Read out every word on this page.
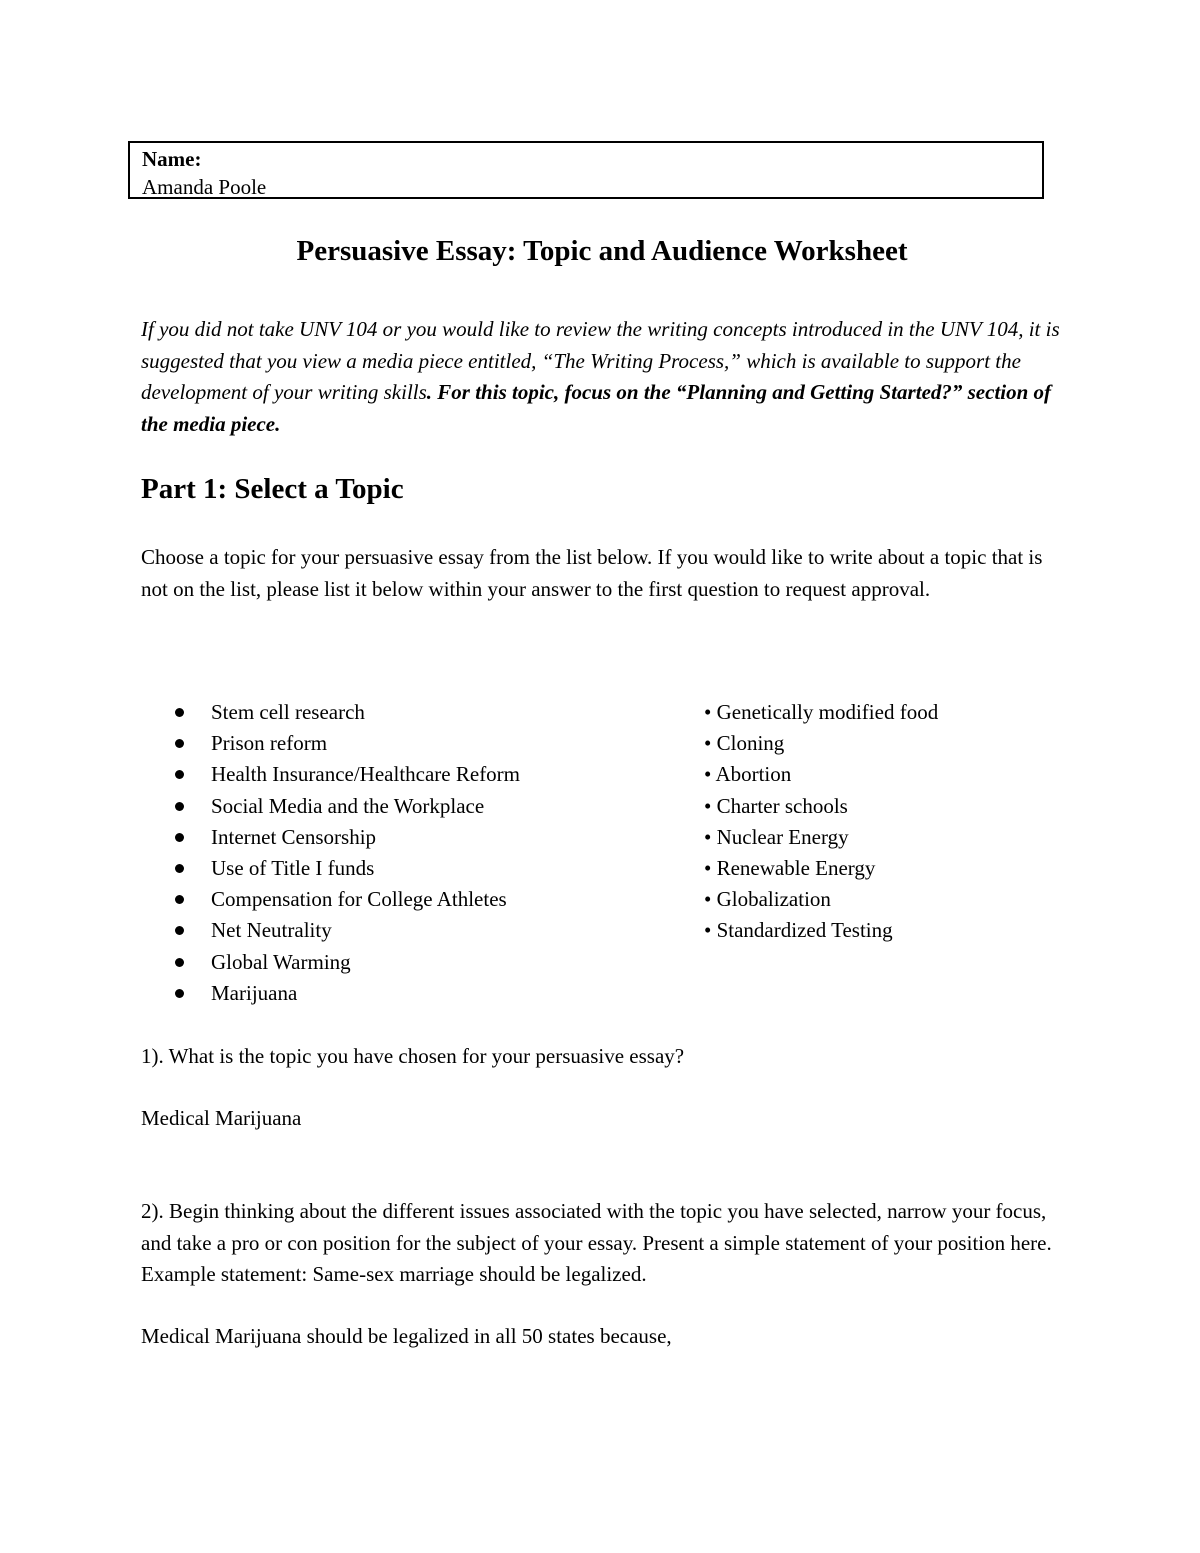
Name:
Amanda Poole
Persuasive Essay: Topic and Audience Worksheet

If you did not take UNV 104 or you would like to review the writing concepts introduced in the UNV 104, it is suggested that you view a media piece entitled, “The Writing Process,” which is available to support the development of your writing skills. For this topic, focus on the “Planning and Getting Started?” section of the media piece.

Part 1: Select a Topic

Choose a topic for your persuasive essay from the list below. If you would like to write about a topic that is not on the list, please list it below within your answer to the first question to request approval.

Stem cell research
Prison reform
Health Insurance/Healthcare Reform
Social Media and the Workplace
Internet Censorship
Use of Title I funds
Compensation for College Athletes
Net Neutrality
Global Warming
Marijuana
• Genetically modified food
• Cloning
• Abortion
• Charter schools
• Nuclear Energy
• Renewable Energy
• Globalization
• Standardized Testing

1). What is the topic you have chosen for your persuasive essay?

Medical Marijuana

2). Begin thinking about the different issues associated with the topic you have selected, narrow your focus, and take a pro or con position for the subject of your essay. Present a simple statement of your position here. Example statement: Same-sex marriage should be legalized.

Medical Marijuana should be legalized in all 50 states because,
